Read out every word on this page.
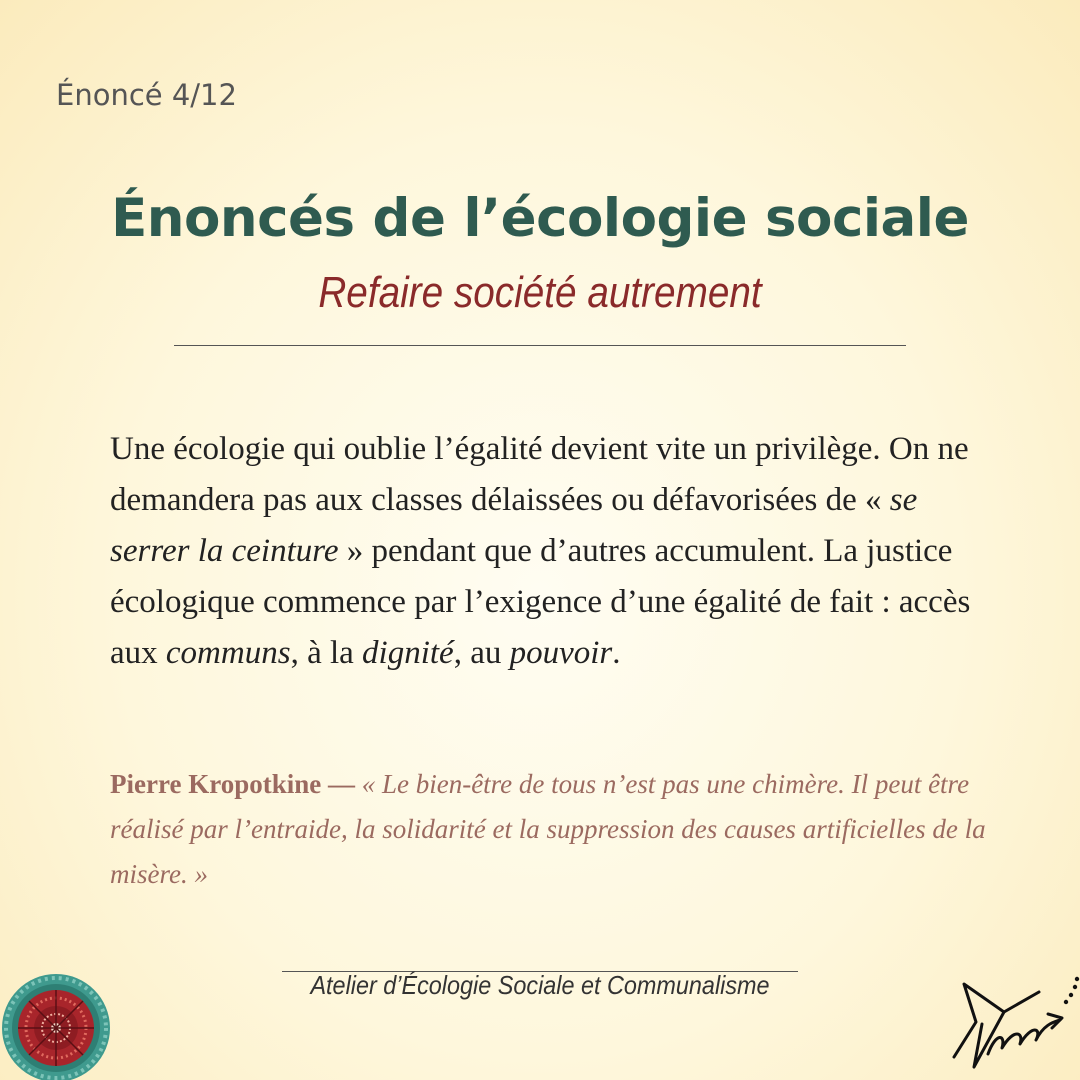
Énoncé 4/12
Énoncés de l’écologie sociale
Refaire société autrement
Une écologie qui oublie l’égalité devient vite un privilège. On ne demandera pas aux classes délaissées ou défavorisées de « se serrer la ceinture » pendant que d’autres accumulent. La justice écologique commence par l’exigence d’une égalité de fait : accès aux communs, à la dignité, au pouvoir.
Pierre Kropotkine — « Le bien-être de tous n’est pas une chimère. Il peut être réalisé par l’entraide, la solidarité et la suppression des causes artificielles de la misère. »
Atelier d’Écologie Sociale et Communalisme
